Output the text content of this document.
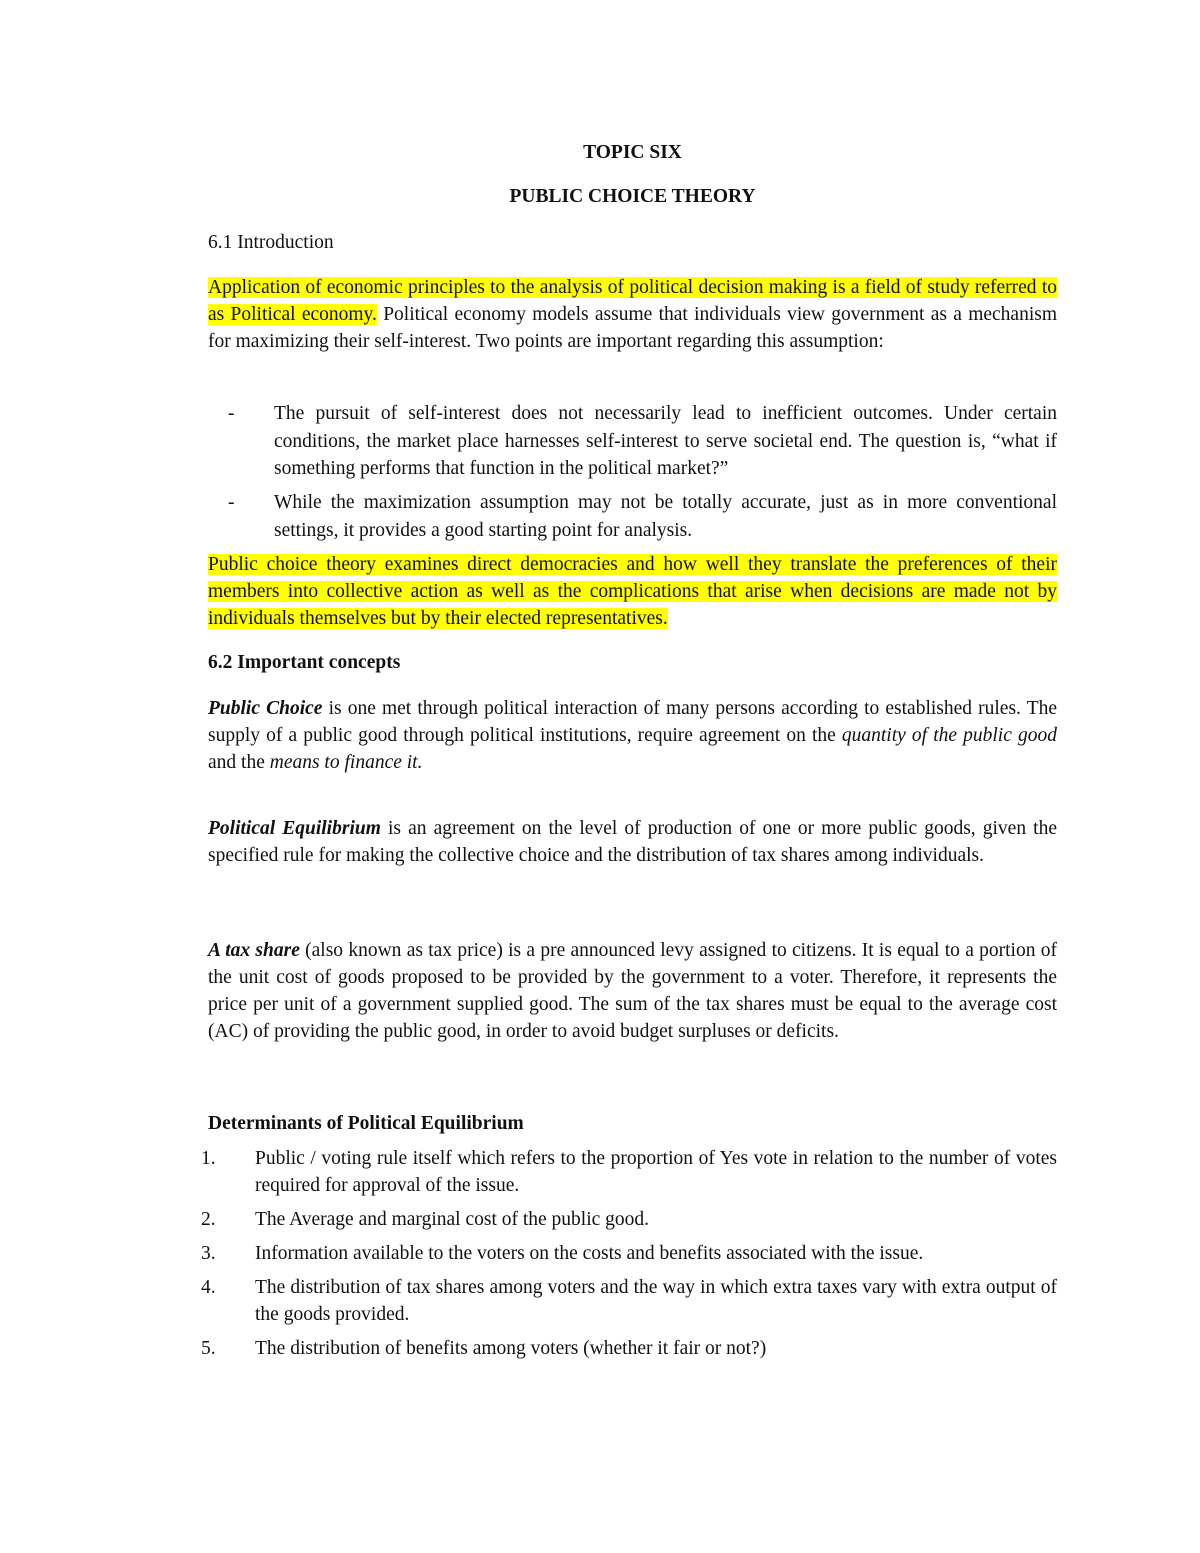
TOPIC SIX
PUBLIC CHOICE THEORY
6.1 Introduction
Application of economic principles to the analysis of political decision making is a field of study referred to as Political economy. Political economy models assume that individuals view government as a mechanism for maximizing their self-interest. Two points are important regarding this assumption:
- The pursuit of self-interest does not necessarily lead to inefficient outcomes. Under certain conditions, the market place harnesses self-interest to serve societal end. The question is, “what if something performs that function in the political market?”
- While the maximization assumption may not be totally accurate, just as in more conventional settings, it provides a good starting point for analysis.
Public choice theory examines direct democracies and how well they translate the preferences of their members into collective action as well as the complications that arise when decisions are made not by individuals themselves but by their elected representatives.
6.2 Important concepts
Public Choice is one met through political interaction of many persons according to established rules. The supply of a public good through political institutions, require agreement on the quantity of the public good and the means to finance it.
Political Equilibrium is an agreement on the level of production of one or more public goods, given the specified rule for making the collective choice and the distribution of tax shares among individuals.
A tax share (also known as tax price) is a pre announced levy assigned to citizens. It is equal to a portion of the unit cost of goods proposed to be provided by the government to a voter. Therefore, it represents the price per unit of a government supplied good. The sum of the tax shares must be equal to the average cost (AC) of providing the public good, in order to avoid budget surpluses or deficits.
Determinants of Political Equilibrium
1. Public / voting rule itself which refers to the proportion of Yes vote in relation to the number of votes required for approval of the issue.
2. The Average and marginal cost of the public good.
3. Information available to the voters on the costs and benefits associated with the issue.
4. The distribution of tax shares among voters and the way in which extra taxes vary with extra output of the goods provided.
5. The distribution of benefits among voters (whether it fair or not?)
